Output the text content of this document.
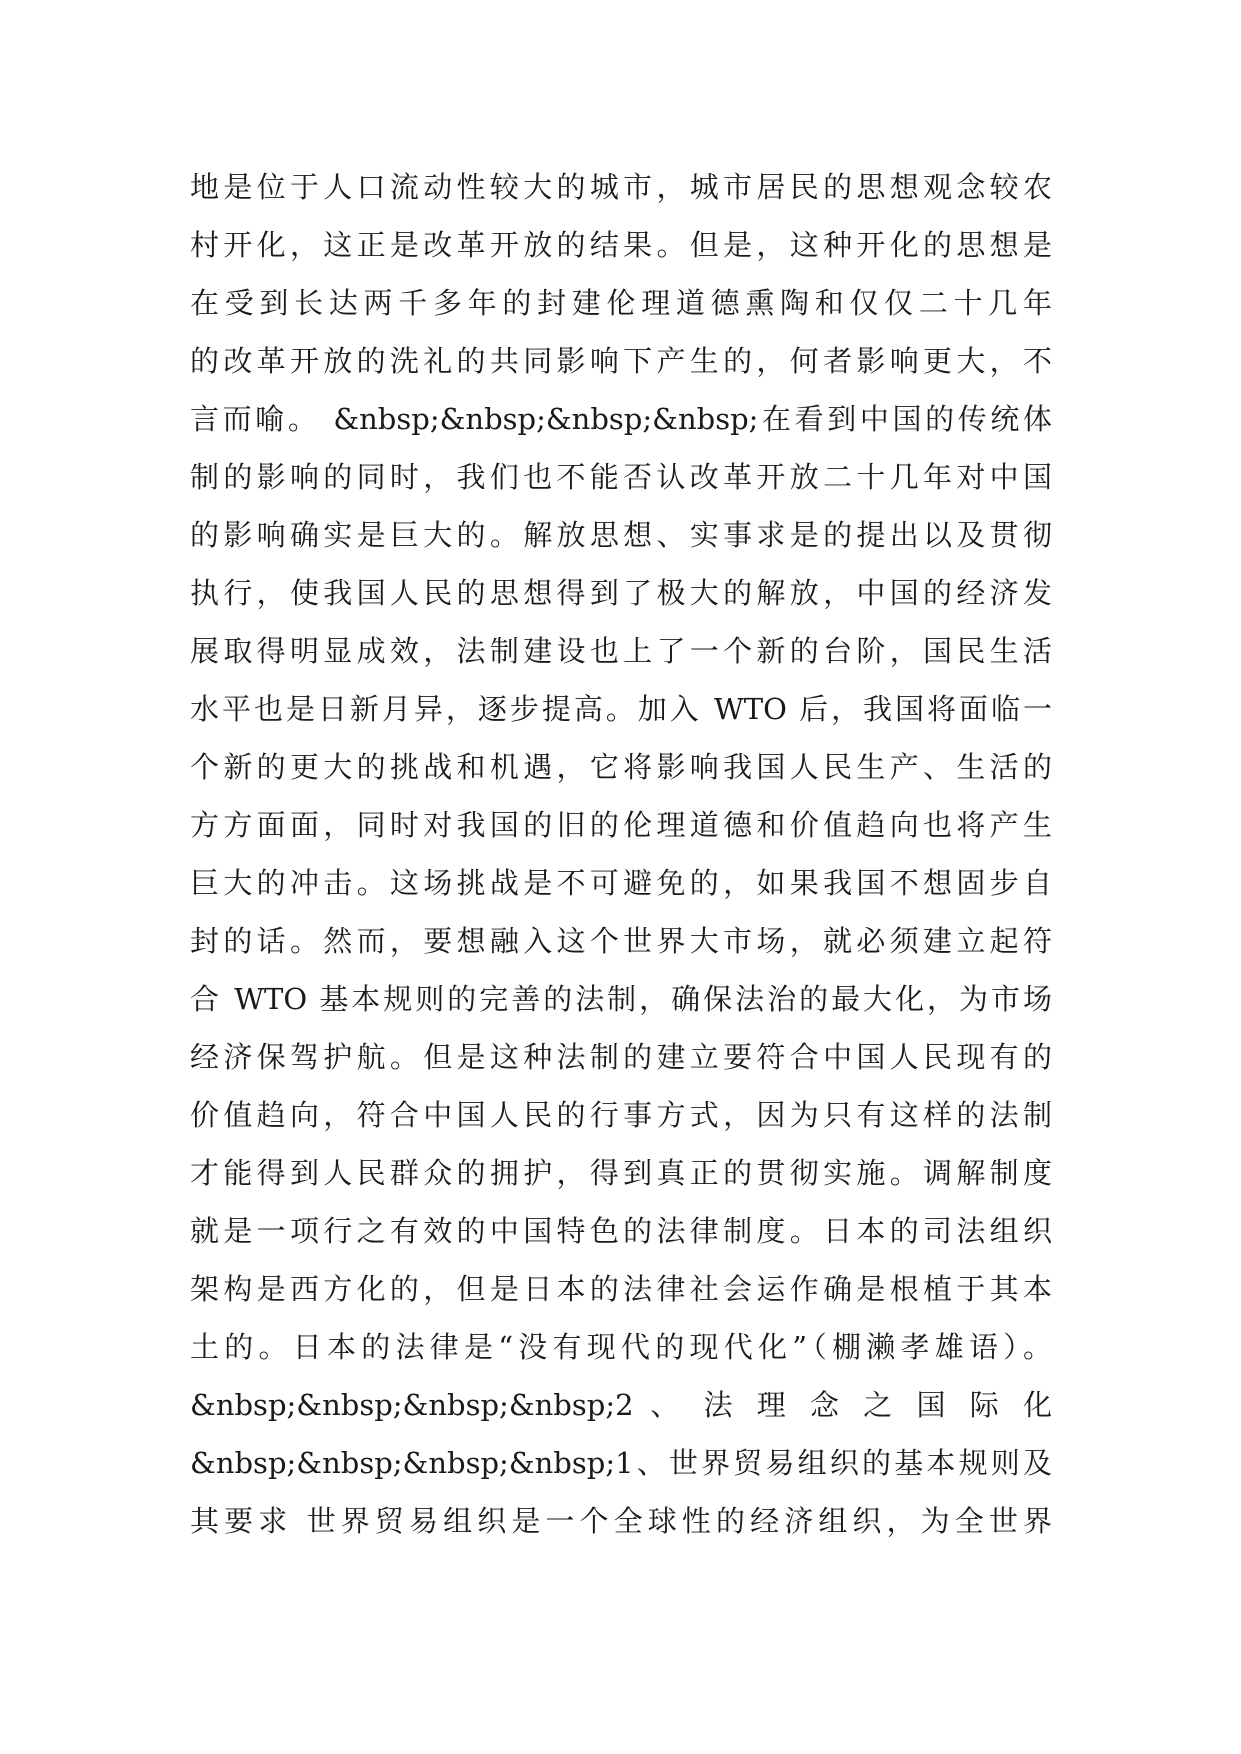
地是位于人口流动性较大的城市，城市居民的思想观念较农
村开化，这正是改革开放的结果。但是，这种开化的思想是
在受到长达两千多年的封建伦理道德熏陶和仅仅二十几年
的改革开放的洗礼的共同影响下产生的，何者影响更大，不
言而喻。 &nbsp;&nbsp;&nbsp;&nbsp;在看到中国的传统体
制的影响的同时，我们也不能否认改革开放二十几年对中国
的影响确实是巨大的。解放思想、实事求是的提出以及贯彻
执行，使我国人民的思想得到了极大的解放，中国的经济发
展取得明显成效，法制建设也上了一个新的台阶，国民生活
水平也是日新月异，逐步提高。加入 WTO 后，我国将面临一
个新的更大的挑战和机遇，它将影响我国人民生产、生活的
方方面面，同时对我国的旧的伦理道德和价值趋向也将产生
巨大的冲击。这场挑战是不可避免的，如果我国不想固步自
封的话。然而，要想融入这个世界大市场，就必须建立起符
合 WTO 基本规则的完善的法制，确保法治的最大化，为市场
经济保驾护航。但是这种法制的建立要符合中国人民现有的
价值趋向，符合中国人民的行事方式，因为只有这样的法制
才能得到人民群众的拥护，得到真正的贯彻实施。调解制度
就是一项行之有效的中国特色的法律制度。日本的司法组织
架构是西方化的，但是日本的法律社会运作确是根植于其本
土的。日本的法律是“没有现代的现代化”（棚濑孝雄语）。
&nbsp;&nbsp;&nbsp;&nbsp;2 、 法 理 念 之 国 际 化
&nbsp;&nbsp;&nbsp;&nbsp;1、世界贸易组织的基本规则及
其要求 世界贸易组织是一个全球性的经济组织，为全世界
